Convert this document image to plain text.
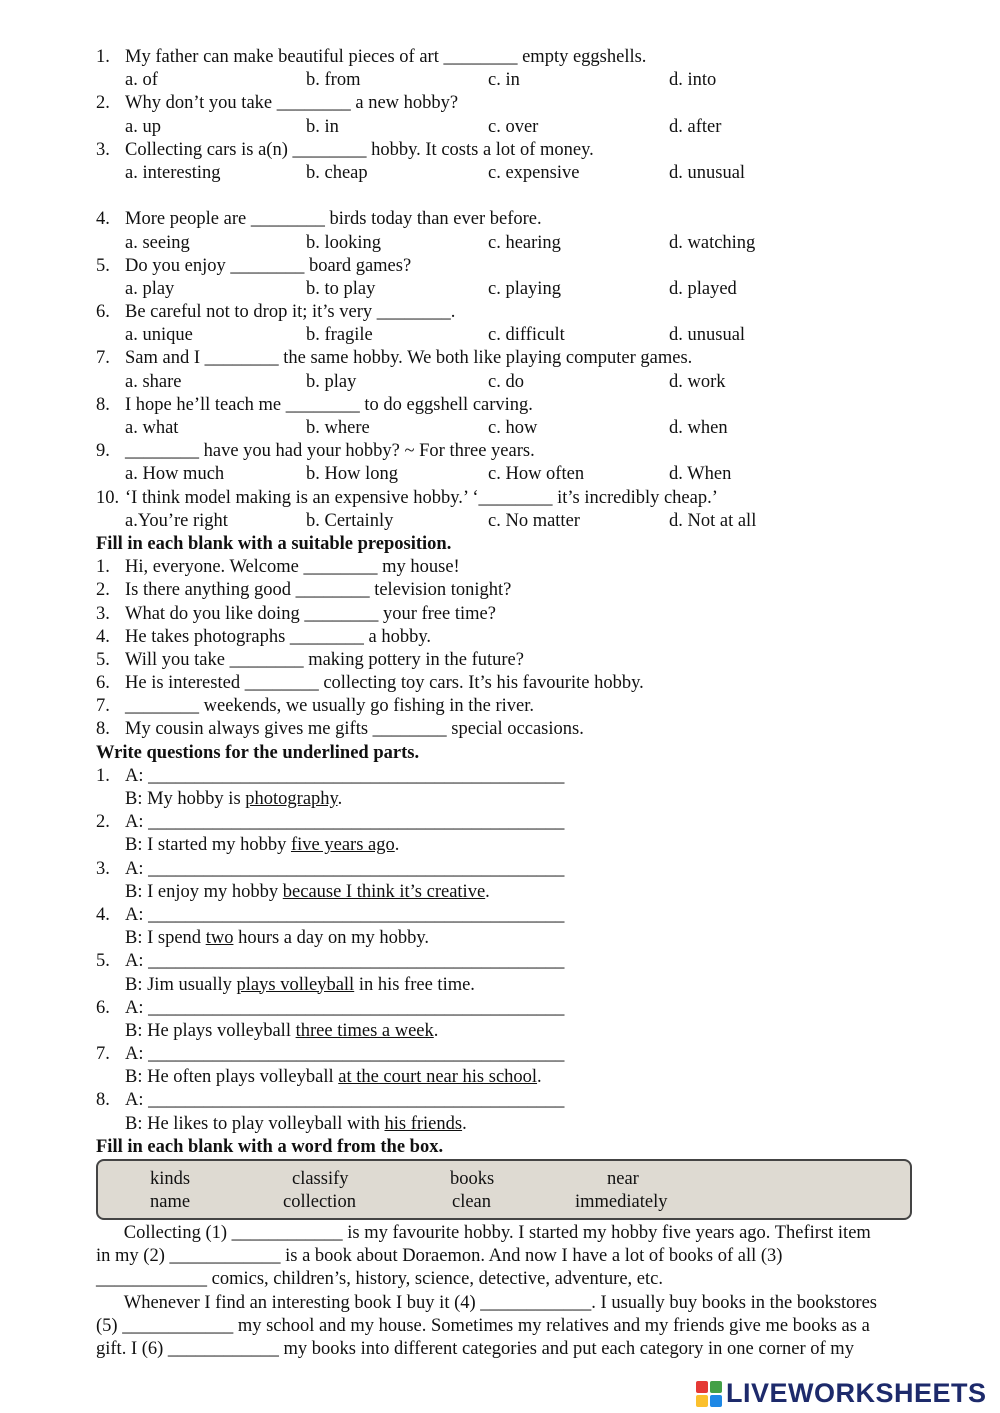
1. My father can make beautiful pieces of art ________ empty eggshells.
a. of	b. from	c. in	d. into
2. Why don’t you take ________ a new hobby?
a. up	b. in	c. over	d. after
3. Collecting cars is a(n) ________ hobby. It costs a lot of money.
a. interesting	b. cheap	c. expensive	d. unusual
4. More people are ________ birds today than ever before.
a. seeing	b. looking	c. hearing	d. watching
5. Do you enjoy ________ board games?
a. play	b. to play	c. playing	d. played
6. Be careful not to drop it; it’s very ________.
a. unique	b. fragile	c. difficult	d. unusual
7. Sam and I ________ the same hobby. We both like playing computer games.
a. share	b. play	c. do	d. work
8. I hope he’ll teach me ________ to do eggshell carving.
a. what	b. where	c. how	d. when
9. ________ have you had your hobby? ~ For three years.
a. How much	b. How long	c. How often	d. When
10. ‘I think model making is an expensive hobby.’ ‘________ it’s incredibly cheap.’
a.You’re right	b. Certainly	c. No matter	d. Not at all
Fill in each blank with a suitable preposition.
1. Hi, everyone. Welcome ________ my house!
2. Is there anything good ________ television tonight?
3. What do you like doing ________ your free time?
4. He takes photographs ________ a hobby.
5. Will you take ________ making pottery in the future?
6. He is interested ________ collecting toy cars. It’s his favourite hobby.
7. ________ weekends, we usually go fishing in the river.
8. My cousin always gives me gifts ________ special occasions.
Write questions for the underlined parts.
1. A: _____________________________________________
B: My hobby is photography.
2. A: _____________________________________________
B: I started my hobby five years ago.
3. A: _____________________________________________
B: I enjoy my hobby because I think it’s creative.
4. A: _____________________________________________
B: I spend two hours a day on my hobby.
5. A: _____________________________________________
B: Jim usually plays volleyball in his free time.
6. A: _____________________________________________
B: He plays volleyball three times a week.
7. A: _____________________________________________
B: He often plays volleyball at the court near his school.
8. A: _____________________________________________
B: He likes to play volleyball with his friends.
Fill in each blank with a word from the box.
kinds	classify	books	near
name	collection	clean	immediately
Collecting (1) ____________ is my favourite hobby. I started my hobby five years ago. Thefirst item
in my (2) ____________ is a book about Doraemon. And now I have a lot of books of all (3)
____________ comics, children’s, history, science, detective, adventure, etc.
Whenever I find an interesting book I buy it (4) ____________. I usually buy books in the bookstores
(5) ____________ my school and my house. Sometimes my relatives and my friends give me books as a
gift. I (6) ____________ my books into different categories and put each category in one corner of my
LIVEWORKSHEETS
